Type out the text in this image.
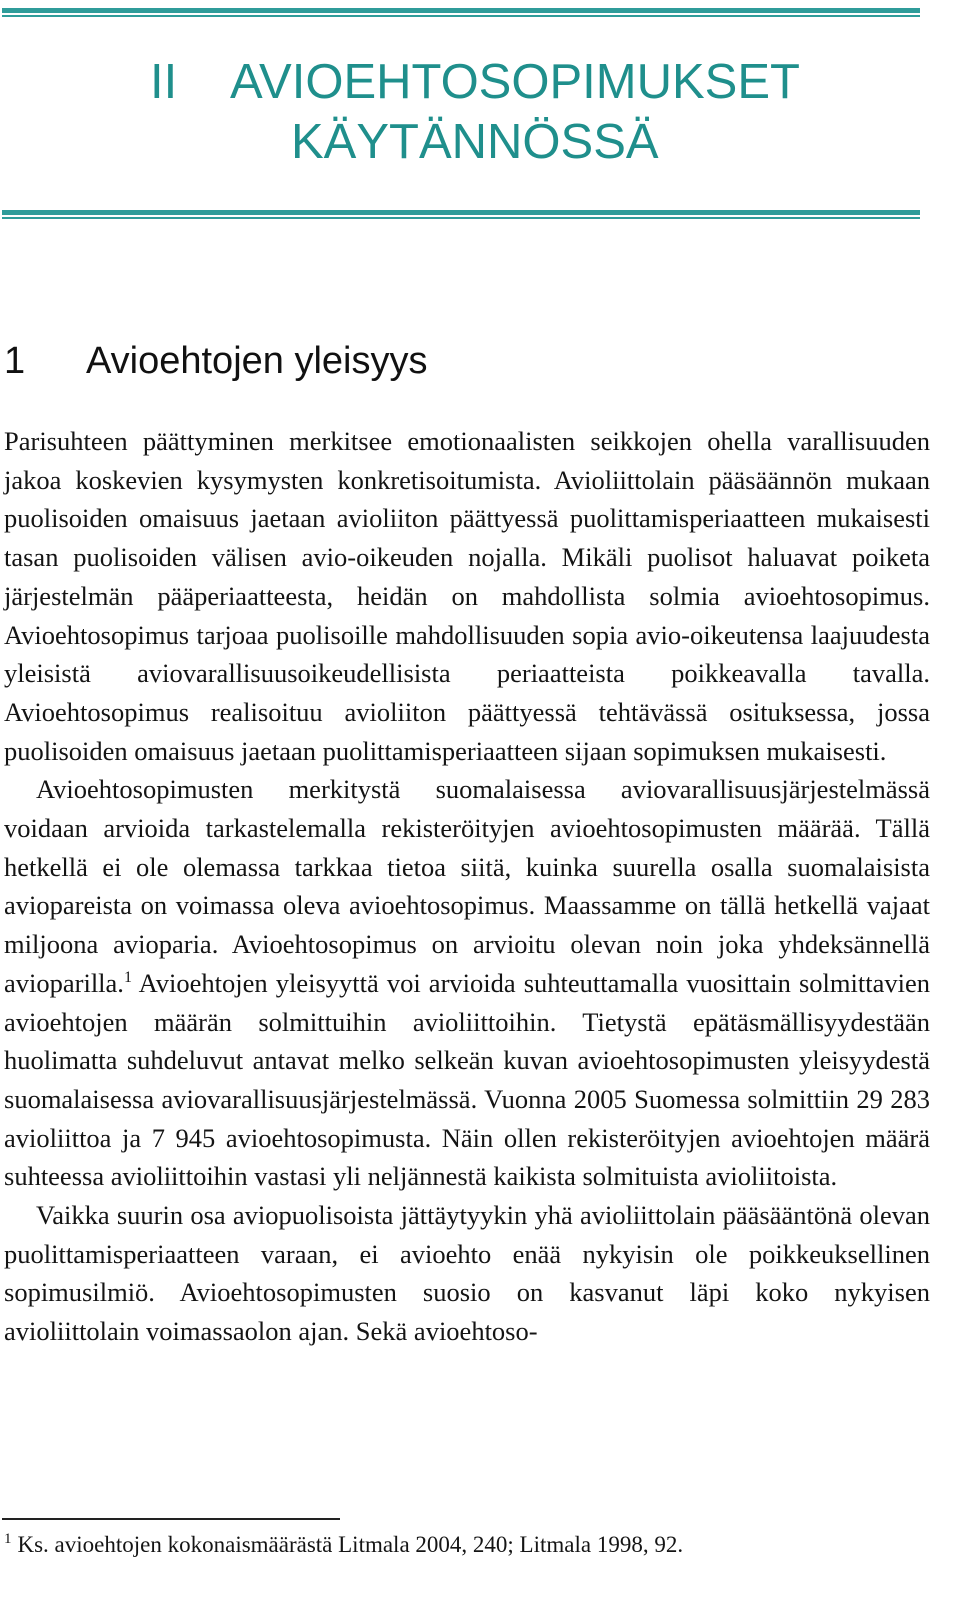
II AVIOEHTOSOPIMUKSET
KÄYTÄNNÖSSÄ
1 Avioehtojen yleisyys

Parisuhteen päättyminen merkitsee emotionaalisten seikkojen ohella varallisuuden jakoa koskevien kysymysten konkretisoitumista. Avioliittolain pääsäännön mukaan puolisoiden omaisuus jaetaan avioliiton päättyessä puolittamisperiaatteen mukaisesti tasan puolisoiden välisen avio-oikeuden nojalla. Mikäli puolisot haluavat poiketa järjestelmän pääperiaatteesta, heidän on mahdollista solmia avioehtosopimus. Avioehtosopimus tarjoaa puolisoille mahdollisuuden sopia avio-oikeutensa laajuudesta yleisistä aviovarallisuusoikeudellisista periaatteista poikkeavalla tavalla. Avioehtosopimus realisoituu avioliiton päättyessä tehtävässä osituksessa, jossa puolisoiden omaisuus jaetaan puolittamisperiaatteen sijaan sopimuksen mukaisesti.

Avioehtosopimusten merkitystä suomalaisessa aviovarallisuusjärjestelmässä voidaan arvioida tarkastelemalla rekisteröityjen avioehtosopimusten määrää. Tällä hetkellä ei ole olemassa tarkkaa tietoa siitä, kuinka suurella osalla suomalaisista aviopareista on voimassa oleva avioehtosopimus. Maassamme on tällä hetkellä vajaat miljoona avioparia. Avioehtosopimus on arvioitu olevan noin joka yhdeksännellä avioparilla.$^1$ Avioehtojen yleisyyttä voi arvioida suhteuttamalla vuosittain solmittavien avioehtojen määrän solmittuihin avioliittoihin. Tietystä epätäsmällisyydestään huolimatta suhdeluvut antavat melko selkeän kuvan avioehtosopimusten yleisyydestä suomalaisessa aviovarallisuusjärjestelmässä. Vuonna 2005 Suomessa solmittiin 29 283 avioliittoa ja 7 945 avioehtosopimusta. Näin ollen rekisteröityjen avioehtojen määrä suhteessa avioliittoihin vastasi yli neljännestä kaikista solmituista avioliitoista.

Vaikka suurin osa aviopuolisoista jättäytyykin yhä avioliittolain pääsääntönä olevan puolittamisperiaatteen varaan, ei avioehto enää nykyisin ole poikkeuksellinen sopimusilmiö. Avioehtosopimusten suosio on kasvanut läpi koko nykyisen avioliittolain voimassaolon ajan. Sekä avioehtoso-

$^1$ Ks. avioehtojen kokonaismäärästä Litmala 2004, 240; Litmala 1998, 92.
